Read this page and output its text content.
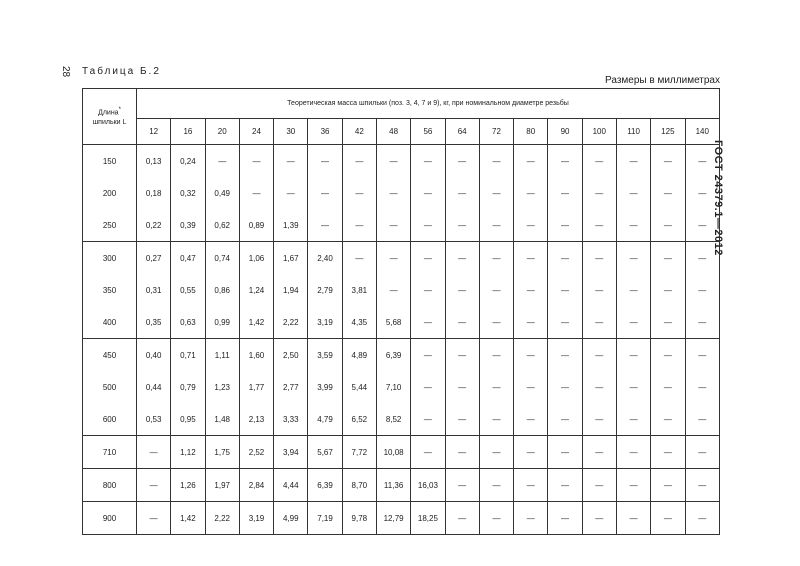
28 Таблица Б.2
Размеры в миллиметрах
ГОСТ 24379.1—2012
Длина*
шпильки L	Теоретическая масса шпильки (поз. 3, 4, 7 и 9), кг, при номинальном диаметре резьбы																
	12	16	20	24	30	36	42	48	56	64	72	80	90	100	110	125	140
150	0,13	0,24	—	—	—	—	—	—	—	—	—	—	—	—	—	—	—
200	0,18	0,32	0,49	—	—	—	—	—	—	—	—	—	—	—	—	—	—
250	0,22	0,39	0,62	0,89	1,39	—	—	—	—	—	—	—	—	—	—	—	—
300	0,27	0,47	0,74	1,06	1,67	2,40	—	—	—	—	—	—	—	—	—	—	—
350	0,31	0,55	0,86	1,24	1,94	2,79	3,81	—	—	—	—	—	—	—	—	—	—
400	0,35	0,63	0,99	1,42	2,22	3,19	4,35	5,68	—	—	—	—	—	—	—	—	—
450	0,40	0,71	1,11	1,60	2,50	3,59	4,89	6,39	—	—	—	—	—	—	—	—	—
500	0,44	0,79	1,23	1,77	2,77	3,99	5,44	7,10	—	—	—	—	—	—	—	—	—
600	0,53	0,95	1,48	2,13	3,33	4,79	6,52	8,52	—	—	—	—	—	—	—	—	—
710	—	1,12	1,75	2,52	3,94	5,67	7,72	10,08	—	—	—	—	—	—	—	—	—
800	—	1,26	1,97	2,84	4,44	6,39	8,70	11,36	16,03	—	—	—	—	—	—	—	—
900	—	1,42	2,22	3,19	4,99	7,19	9,78	12,79	18,25	—	—	—	—	—	—	—	—
